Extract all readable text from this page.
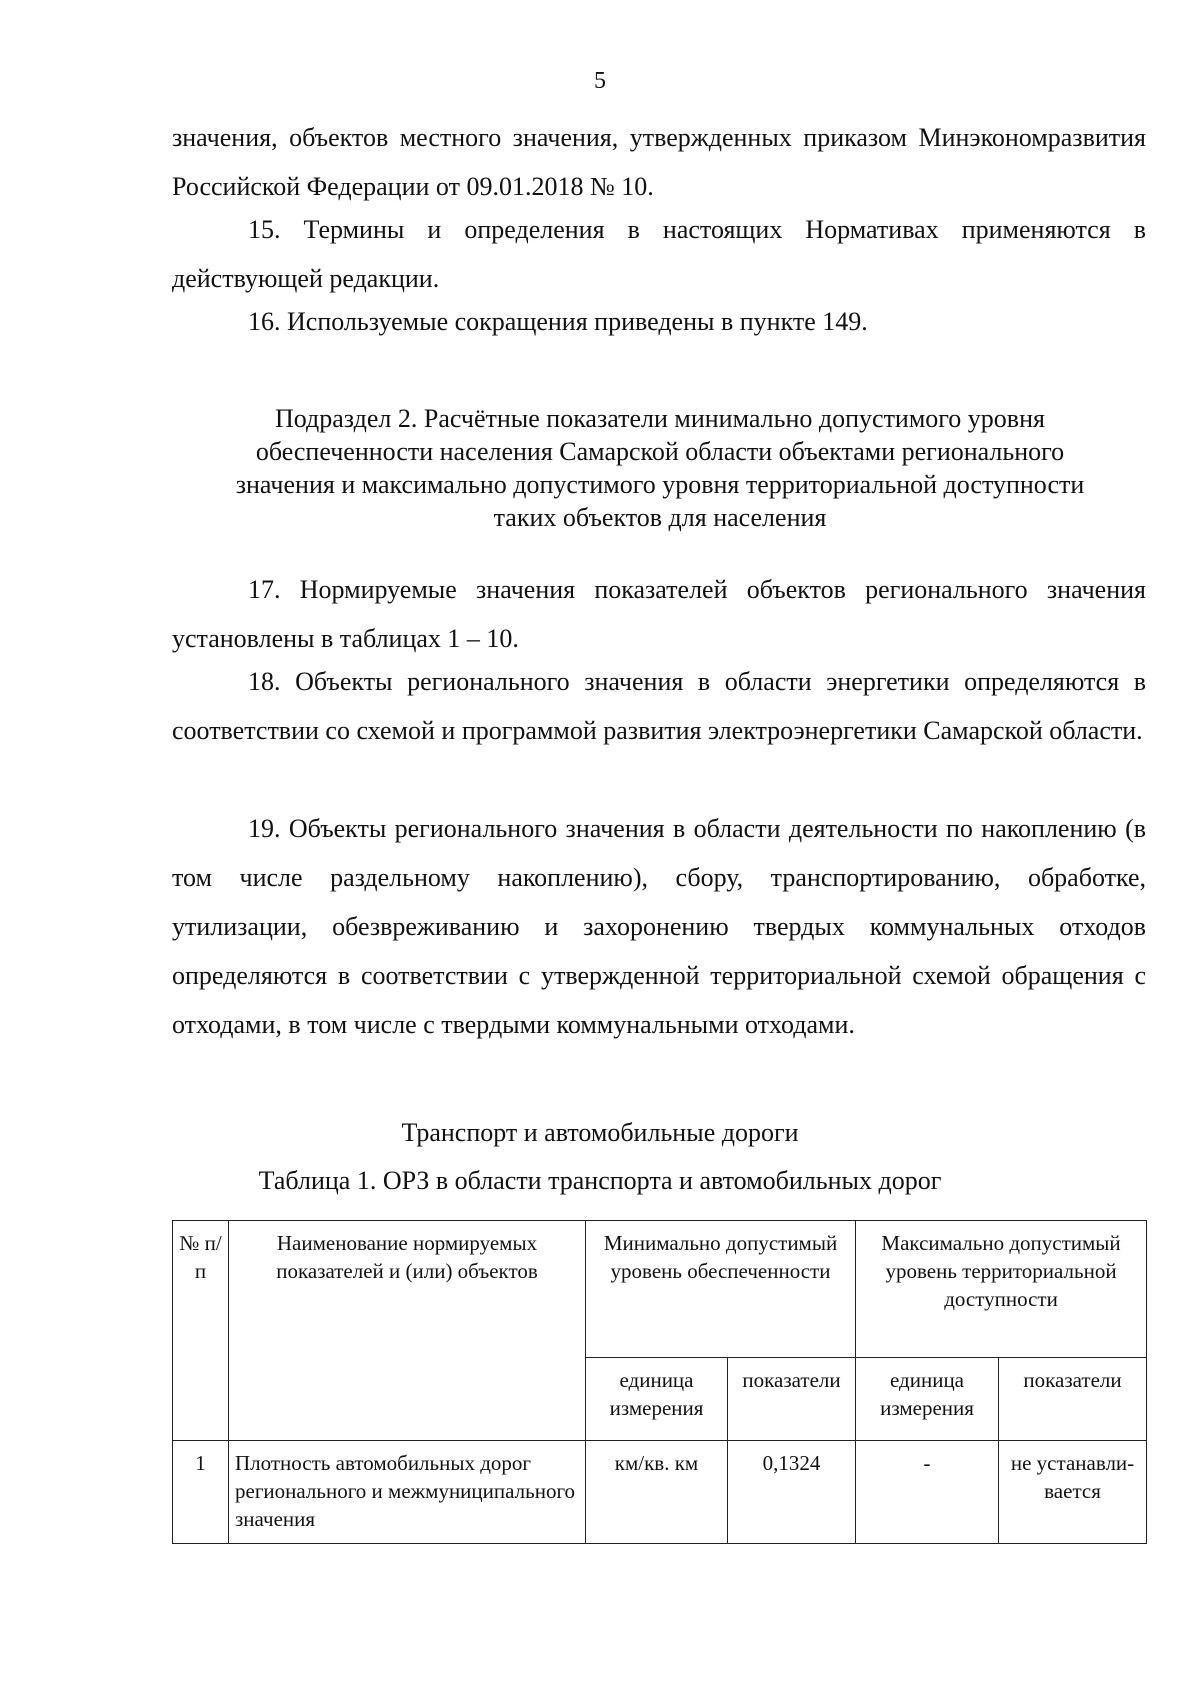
5

значения, объектов местного значения, утвержденных приказом Минэкономразвития Российской Федерации от 09.01.2018 № 10.

15. Термины и определения в настоящих Нормативах применяются в действующей редакции.

16. Используемые сокращения приведены в пункте 149.

Подраздел 2. Расчётные показатели минимально допустимого уровня
обеспеченности населения Самарской области объектами регионального
значения и максимально допустимого уровня территориальной доступности
таких объектов для населения

17. Нормируемые значения показателей объектов регионального значения установлены в таблицах 1 – 10.

18. Объекты регионального значения в области энергетики определяются в соответствии со схемой и программой развития электроэнергетики Самарской области.

19. Объекты регионального значения в области деятельности по накоплению (в том числе раздельному накоплению), сбору, транспортированию, обработке, утилизации, обезвреживанию и захоронению твердых коммунальных отходов определяются в соответствии с утвержденной территориальной схемой обращения с отходами, в том числе с твердыми коммунальными отходами.

Транспорт и автомобильные дороги
Таблица 1. ОРЗ в области транспорта и автомобильных дорог
№ п/п	Наименование нормируемых показателей и (или) объектов	Минимально допустимый уровень обеспеченности		Максимально допустимый уровень территориальной доступности	
		единица измерения	показатели	единица измерения	показатели
1	Плотность автомобильных дорог регионального и межмуниципального значения	км/кв. км	0,1324	-	не устанавли-вается
